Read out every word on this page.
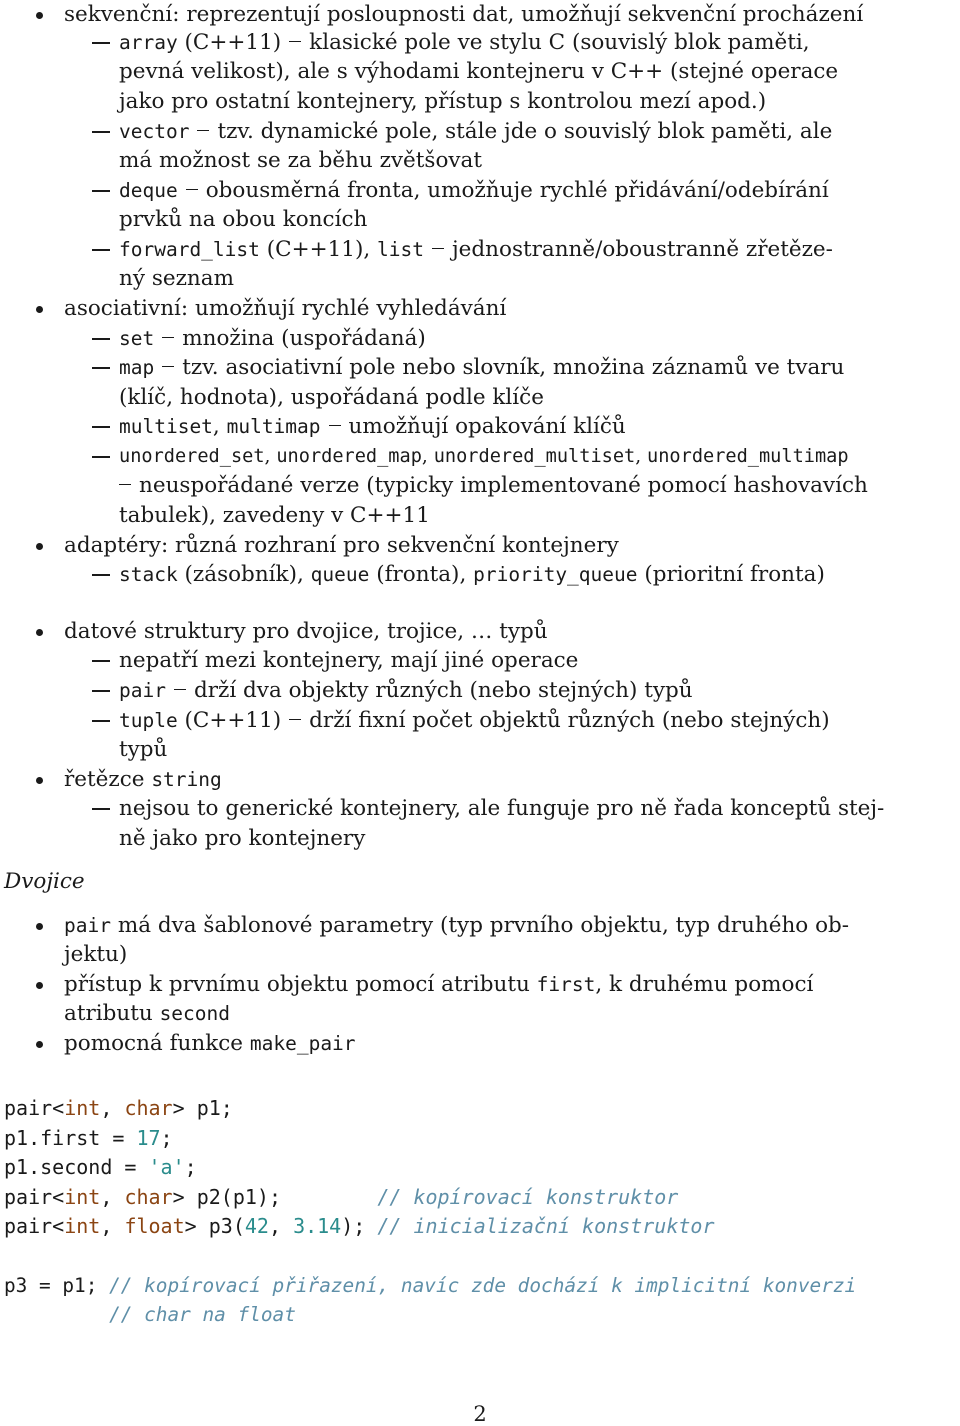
sekvenční: reprezentují posloupnosti dat, umožňují sekvenční procházení
array (C++11) klasické pole ve stylu C (souvislý blok paměti,
pevná velikost), ale s výhodami kontejneru v C++ (stejné operace
jako pro ostatní kontejnery, přístup s kontrolou mezí apod.)
vector tzv. dynamické pole, stále jde o souvislý blok paměti, ale
má možnost se za běhu zvětšovat
deque obousměrná fronta, umožňuje rychlé přidávání/odebírání
prvků na obou koncích
forward_list (C++11), list jednostranně/oboustranně zřetěze-
ný seznam
asociativní: umožňují rychlé vyhledávání
set množina (uspořádaná)
map tzv. asociativní pole nebo slovník, množina záznamů ve tvaru
(klíč, hodnota), uspořádaná podle klíče
multiset, multimap umožňují opakování klíčů
unordered_set, unordered_map, unordered_multiset, unordered_multimap
neuspořádané verze (typicky implementované pomocí hashovavích
tabulek), zavedeny v C++11
adaptéry: různá rozhraní pro sekvenční kontejnery
stack (zásobník), queue (fronta), priority_queue (prioritní fronta)
datové struktury pro dvojice, trojice, … typů
nepatří mezi kontejnery, mají jiné operace
pair drží dva objekty různých (nebo stejných) typů
tuple (C++11) drží fixní počet objektů různých (nebo stejných)
typů
řetězce string
nejsou to generické kontejnery, ale funguje pro ně řada konceptů stej-
ně jako pro kontejnery
Dvojice
pair má dva šablonové parametry (typ prvního objektu, typ druhého ob-
jektu)
přístup k prvnímu objektu pomocí atributu first, k druhému pomocí
atributu second
pomocná funkce make_pair
pair<int, char> p1;
p1.first = 17;
p1.second = 'a';
pair<int, char> p2(p1);        // kopírovací konstruktor
pair<int, float> p3(42, 3.14); // inicializační konstruktor
p3 = p1; // kopírovací přiřazení, navíc zde dochází k implicitní konverzi
// char na float
2
